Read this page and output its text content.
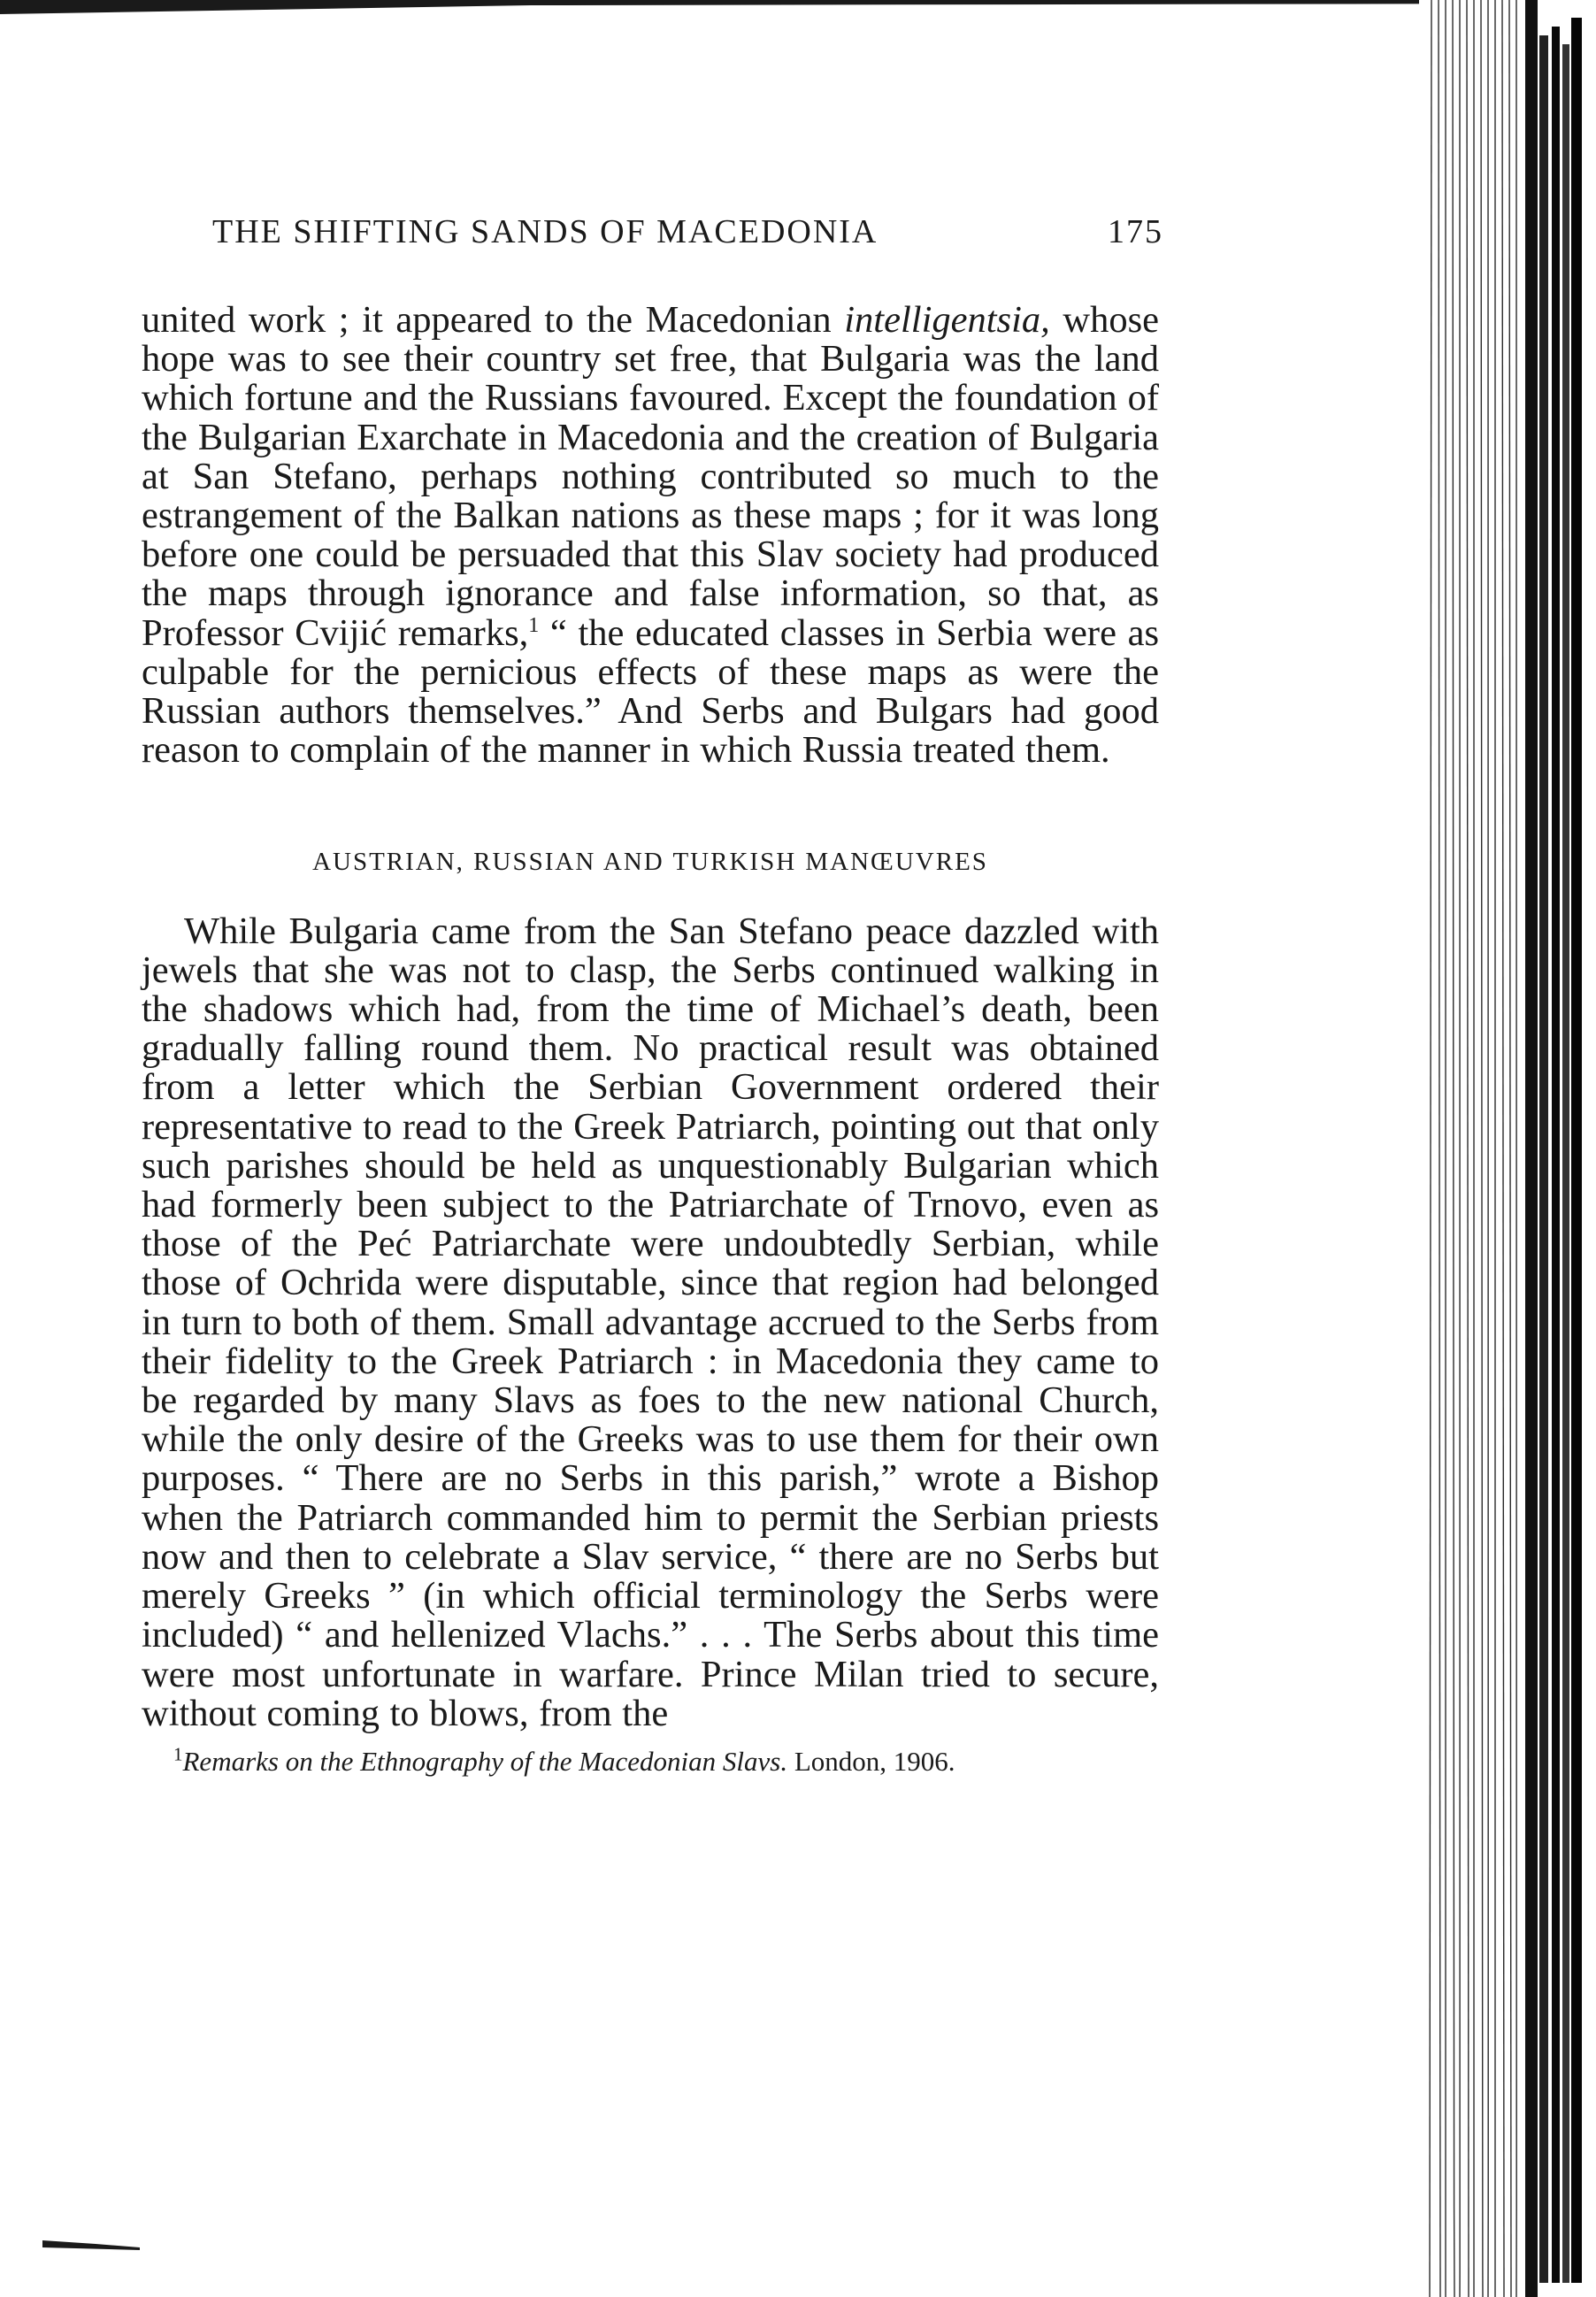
THE SHIFTING SANDS OF MACEDONIA	175

united work ; it appeared to the Macedonian intelligentsia, whose hope was to see their country set free, that Bulgaria was the land which fortune and the Russians favoured. Except the foundation of the Bulgarian Exarchate in Macedonia and the creation of Bulgaria at San Stefano, perhaps nothing contributed so much to the estrangement of the Balkan nations as these maps ; for it was long before one could be persuaded that this Slav society had produced the maps through ignorance and false information, so that, as Professor Cvijić remarks,$^1$ “ the educated classes in Serbia were as culpable for the pernicious effects of these maps as were the Russian authors themselves.” And Serbs and Bulgars had good reason to complain of the manner in which Russia treated them.

AUSTRIAN, RUSSIAN AND TURKISH MANŒUVRES

While Bulgaria came from the San Stefano peace dazzled with jewels that she was not to clasp, the Serbs continued walking in the shadows which had, from the time of Michael’s death, been gradually falling round them. No practical result was obtained from a letter which the Serbian Government ordered their representative to read to the Greek Patriarch, pointing out that only such parishes should be held as unquestionably Bulgarian which had formerly been subject to the Patriarchate of Trnovo, even as those of the Peć Patriarchate were undoubtedly Serbian, while those of Ochrida were disputable, since that region had belonged in turn to both of them. Small advantage accrued to the Serbs from their fidelity to the Greek Patriarch : in Macedonia they came to be regarded by many Slavs as foes to the new national Church, while the only desire of the Greeks was to use them for their own purposes. “ There are no Serbs in this parish,” wrote a Bishop when the Patriarch commanded him to permit the Serbian priests now and then to celebrate a Slav service, “ there are no Serbs but merely Greeks ” (in which official terminology the Serbs were included) “ and hellenized Vlachs.” . . . The Serbs about this time were most unfortunate in warfare. Prince Milan tried to secure, without coming to blows, from the

$^1$Remarks on the Ethnography of the Macedonian Slavs. London, 1906.
